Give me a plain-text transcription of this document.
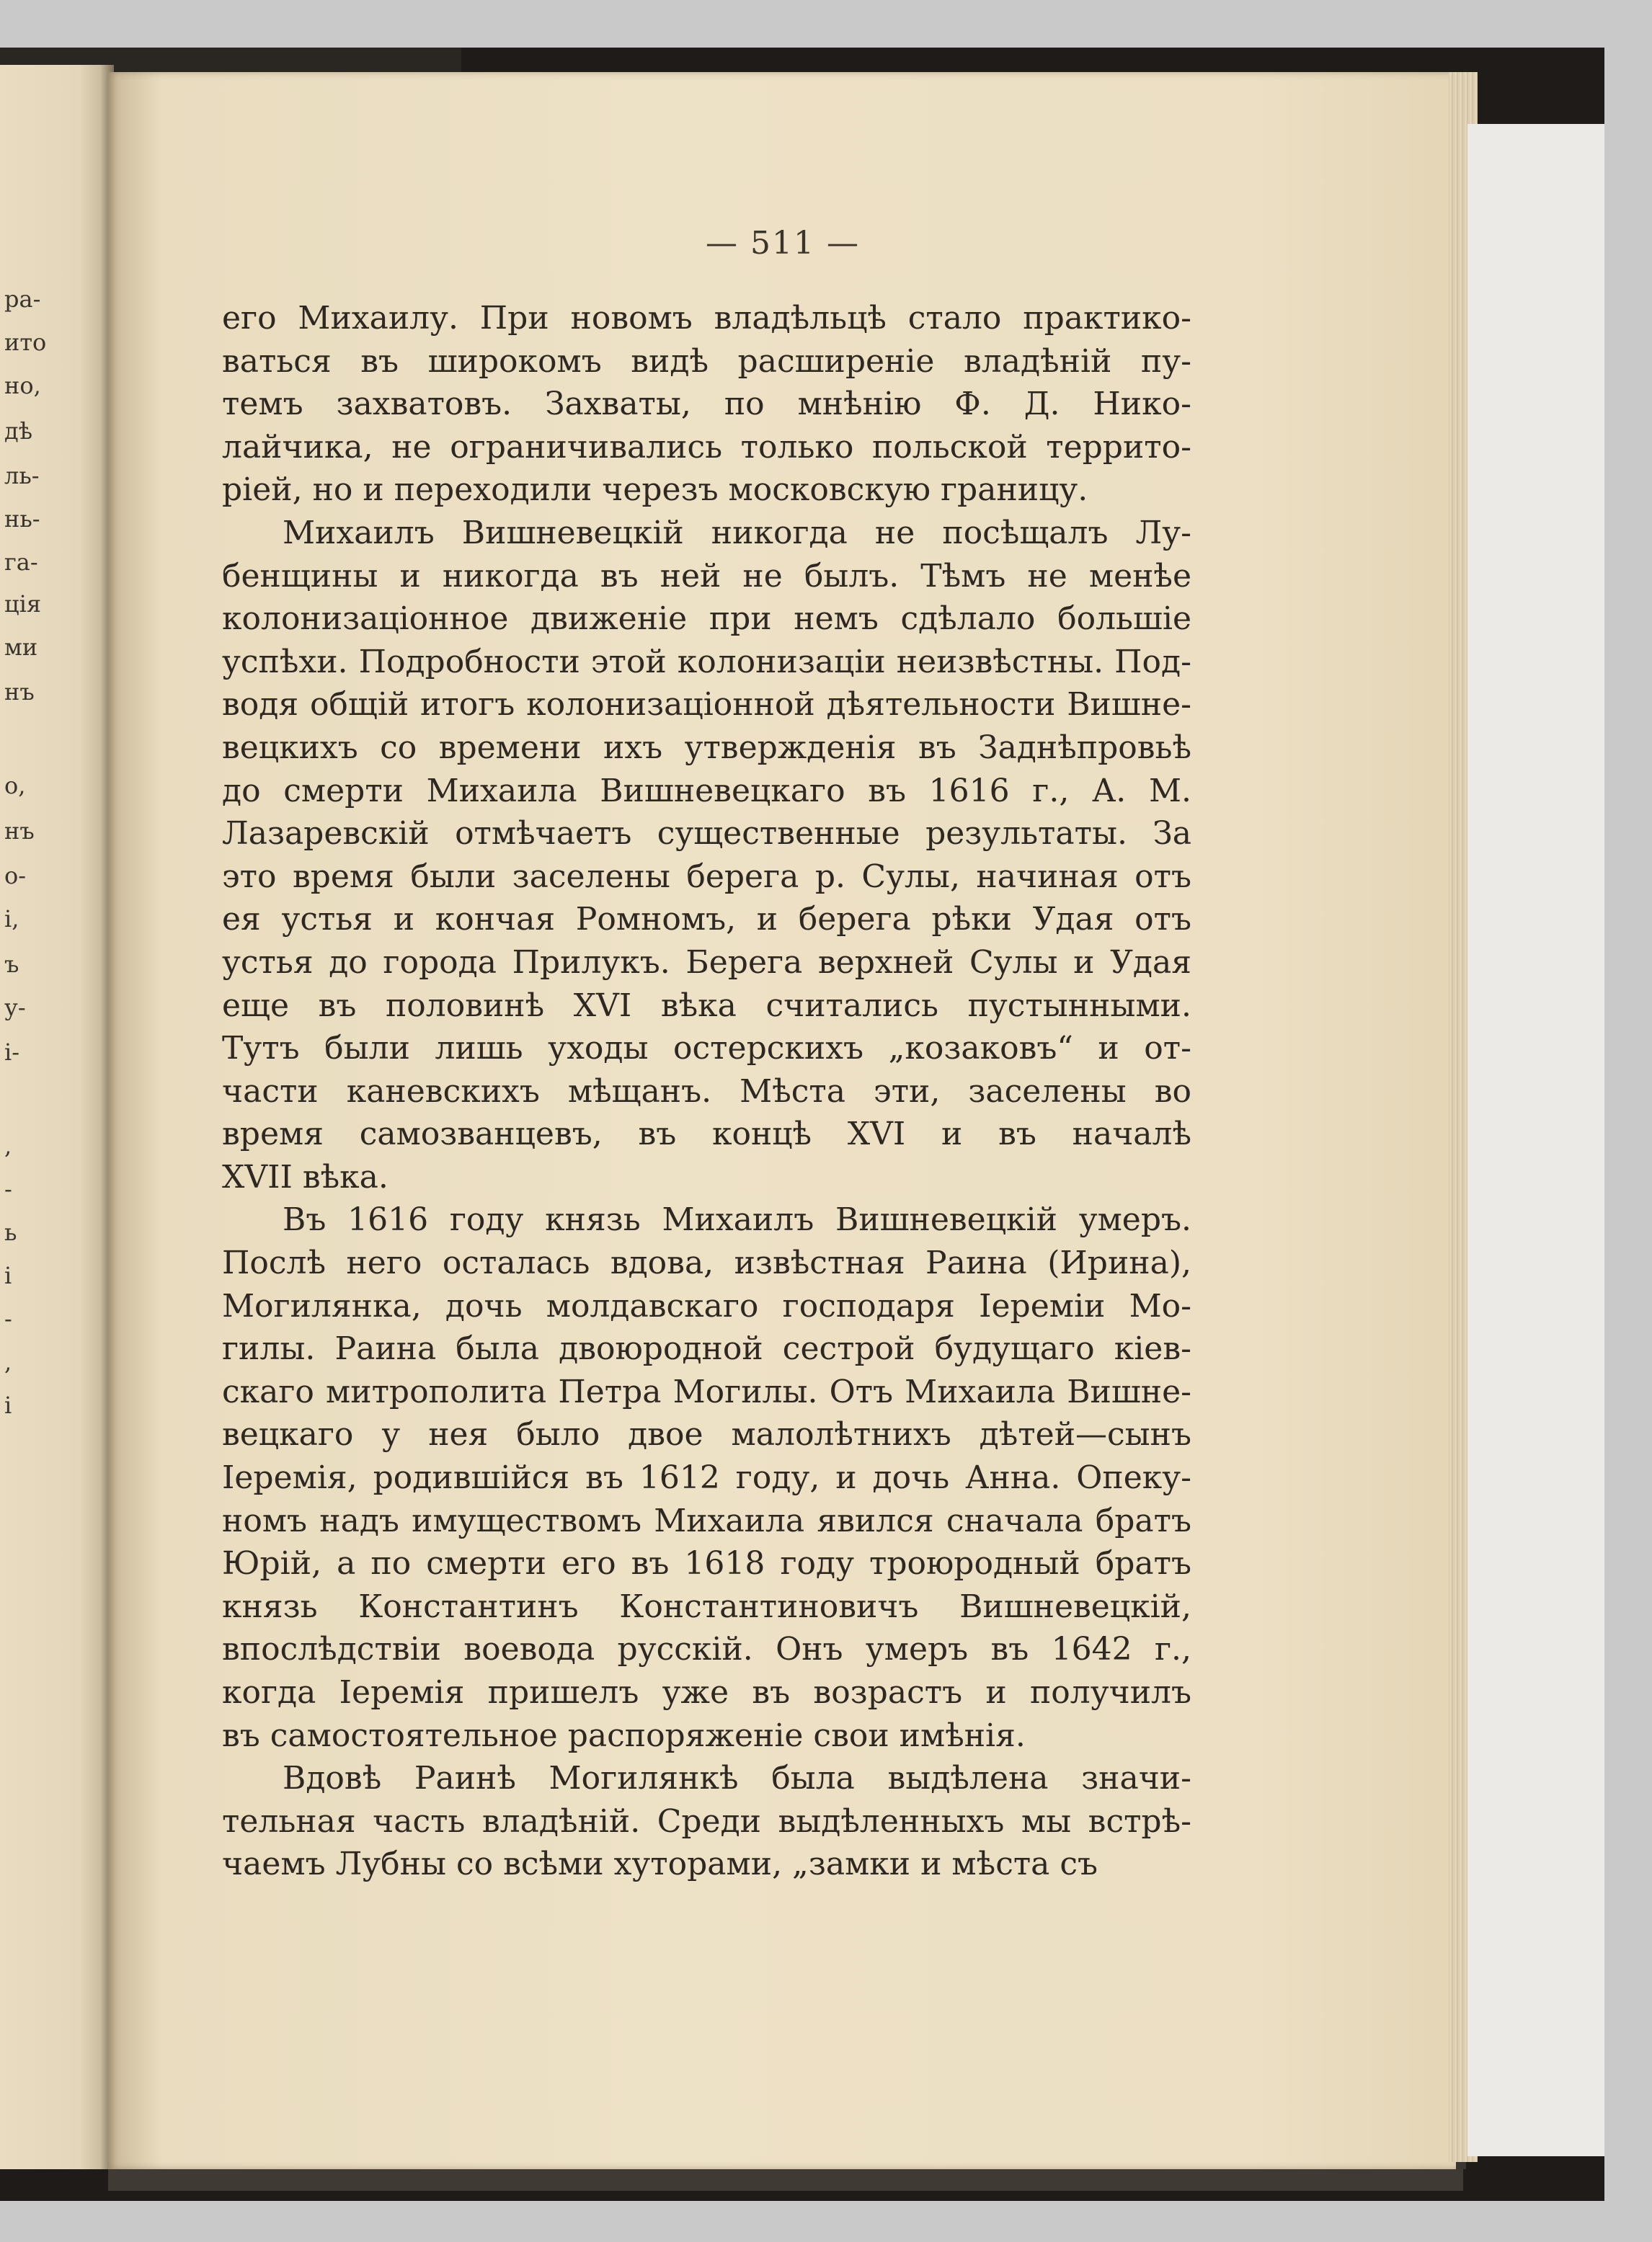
ра-
ито
но,
дѣ
ль-
нь-
га-
ція
ми
нъ
о,
нъ
о-
і,
ъ
у-
і-
,
-
ь
і
-
,
і
— 511 —
его Михаилу. При новомъ владѣльцѣ стало практико-
ваться въ широкомъ видѣ расширеніе владѣній пу-
темъ захватовъ. Захваты, по мнѣнію Ф. Д. Нико-
лайчика, не ограничивались только польской террито-
ріей, но и переходили черезъ московскую границу.
Михаилъ Вишневецкій никогда не посѣщалъ Лу-
бенщины и никогда въ ней не былъ. Тѣмъ не менѣе
колонизаціонное движеніе при немъ сдѣлало большіе
успѣхи. Подробности этой колонизаціи неизвѣстны. Под-
водя общій итогъ колонизаціонной дѣятельности Вишне-
вецкихъ со времени ихъ утвержденія въ Заднѣпровьѣ
до смерти Михаила Вишневецкаго въ 1616 г., А. М.
Лазаревскій отмѣчаетъ существенные результаты. За
это время были заселены берега р. Сулы, начиная отъ
ея устья и кончая Ромномъ, и берега рѣки Удая отъ
устья до города Прилукъ. Берега верхней Сулы и Удая
еще въ половинѣ XVI вѣка считались пустынными.
Тутъ были лишь уходы остерскихъ „козаковъ“ и от-
части каневскихъ мѣщанъ. Мѣста эти, заселены во
время самозванцевъ, въ концѣ XVI и въ началѣ
XVII вѣка.
Въ 1616 году князь Михаилъ Вишневецкій умеръ.
Послѣ него осталась вдова, извѣстная Раина (Ирина),
Могилянка, дочь молдавскаго господаря Іереміи Мо-
гилы. Раина была двоюродной сестрой будущаго кіев-
скаго митрополита Петра Могилы. Отъ Михаила Вишне-
вецкаго у нея было двое малолѣтнихъ дѣтей—сынъ
Іеремія, родившійся въ 1612 году, и дочь Анна. Опеку-
номъ надъ имуществомъ Михаила явился сначала братъ
Юрій, а по смерти его въ 1618 году троюродный братъ
князь Константинъ Константиновичъ Вишневецкій,
впослѣдствіи воевода русскій. Онъ умеръ въ 1642 г.,
когда Іеремія пришелъ уже въ возрастъ и получилъ
въ самостоятельное распоряженіе свои имѣнія.
Вдовѣ Раинѣ Могилянкѣ была выдѣлена значи-
тельная часть владѣній. Среди выдѣленныхъ мы встрѣ-
чаемъ Лубны со всѣми хуторами, „замки и мѣста съ
